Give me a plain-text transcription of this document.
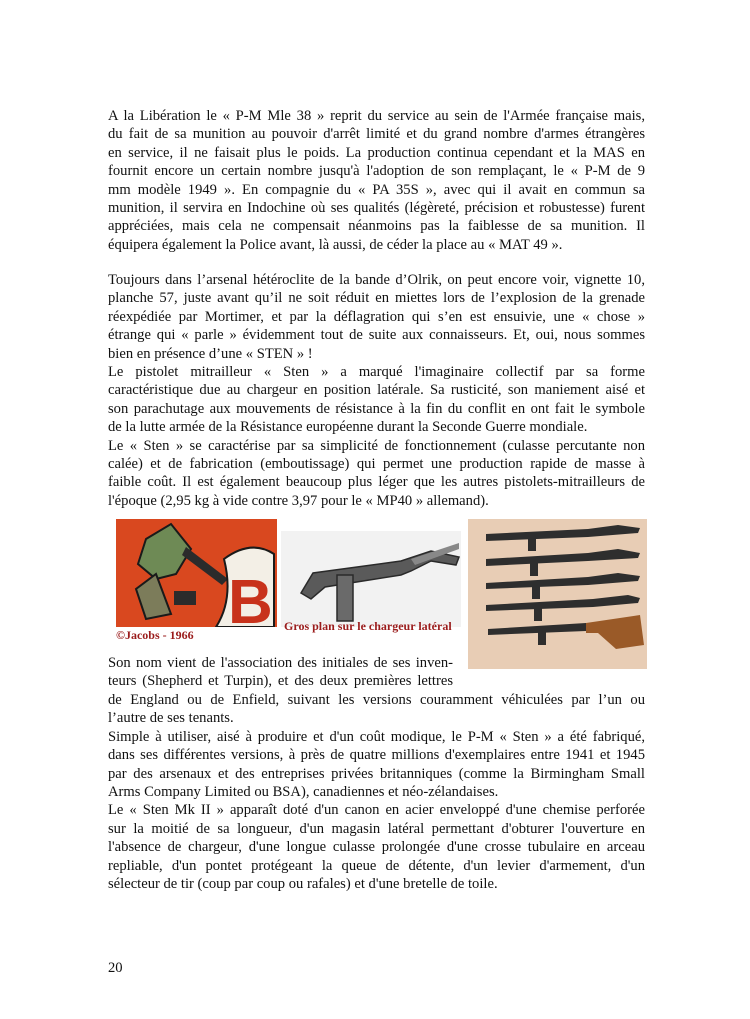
A la Libération le « P-M Mle 38 » reprit du service au sein de l'Armée française mais,
du fait de sa munition au pouvoir d'arrêt limité et du grand nombre d'armes étrangères
en service, il ne faisait plus le poids. La production continua cependant et la MAS en
fournit encore un certain nombre jusqu'à l'adoption de son remplaçant, le « P-M de 9
mm modèle 1949 ». En compagnie du « PA 35S », avec qui il avait en commun sa
munition, il servira en Indochine où ses qualités (légèreté, précision et robustesse) furent
appréciées, mais cela ne compensait néanmoins pas la faiblesse de sa munition. Il
équipera également la Police avant, là aussi, de céder la place au « MAT 49 ».

Toujours dans l’arsenal hétéroclite de la bande d’Olrik, on peut encore voir, vignette 10,
planche 57, juste avant qu’il ne soit réduit en miettes lors de l’explosion de la grenade
réexpédiée par Mortimer, et par la déflagration qui s’en est ensuivie, une « chose »
étrange qui « parle » évidemment tout de suite aux connaisseurs. Et, oui, nous sommes
bien en présence d’une « STEN » !
Le pistolet mitrailleur « Sten » a marqué l'imaginaire collectif par sa forme
caractéristique due au chargeur en position latérale. Sa rusticité, son maniement aisé et
son parachutage aux mouvements de résistance à la fin du conflit en ont fait le symbole
de la lutte armée de la Résistance européenne durant la Seconde Guerre mondiale.
Le « Sten » se caractérise par sa simplicité de fonctionnement (culasse percutante non
calée) et de fabrication (emboutissage) qui permet une production rapide de masse à
faible coût. Il est également beaucoup plus léger que les autres pistolets-mitrailleurs de
l'époque (2,95 kg à vide contre 3,97 pour le « MP40 » allemand).

B
©Jacobs - 1966
Gros plan sur le chargeur latéral

Son nom vient de l'association des initiales de ses inven-
teurs (Shepherd et Turpin), et des deux premières lettres

de England ou de Enfield, suivant les versions couramment véhiculées par l’un ou
l’autre de ses tenants.
Simple à utiliser, aisé à produire et d'un coût modique, le P-M « Sten » a été fabriqué,
dans ses différentes versions, à près de quatre millions d'exemplaires entre 1941 et 1945
par des arsenaux et des entreprises privées britanniques (comme la Birmingham Small
Arms Company Limited ou BSA), canadiennes et néo-zélandaises.
Le « Sten Mk II » apparaît doté d'un canon en acier enveloppé d'une chemise perforée
sur la moitié de sa longueur, d'un magasin latéral permettant d'obturer l'ouverture en
l'absence de chargeur, d'une longue culasse prolongée d'une crosse tubulaire en arceau
repliable, d'un pontet protégeant la queue de détente, d'un levier d'armement, d'un
sélecteur de tir (coup par coup ou rafales) et d'une bretelle de toile.

20
